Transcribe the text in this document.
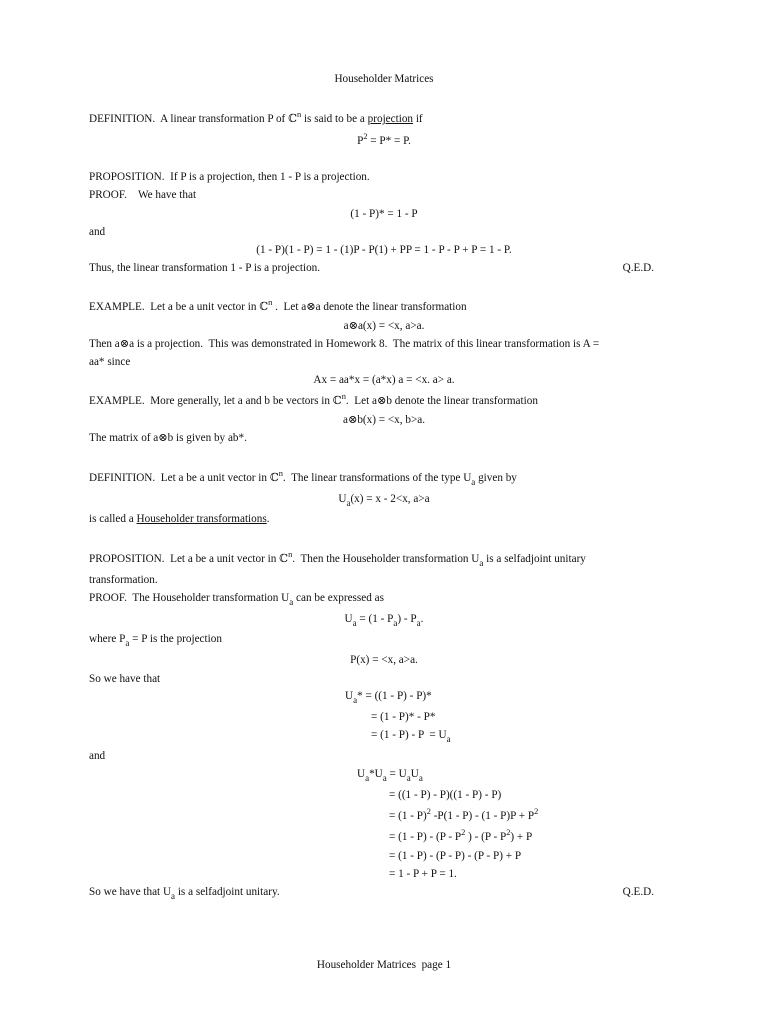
Householder Matrices
DEFINITION.  A linear transformation P of ℂ$^n$ is said to be a projection if
$P^2 = P* = P$.
PROPOSITION.  If P is a projection, then 1 - P is a projection.
PROOF.    We have that
(1 - P)* = 1 - P
and
(1 - P)(1 - P) = 1 - (1)P - P(1) + PP = 1 - P - P + P = 1 - P.
Thus, the linear transformation 1 - P is a projection.	Q.E.D.
EXAMPLE.  Let a be a unit vector in ℂ$^n$ .  Let a⊗a denote the linear transformation
a⊗a(x) = <x, a>a.
Then a⊗a is a projection.  This was demonstrated in Homework 8.  The matrix of this linear transformation is A =
aa* since
Ax = aa*x = (a*x) a = <x. a> a.
EXAMPLE.  More generally, let a and b be vectors in ℂ$^n$.  Let a⊗b denote the linear transformation
a⊗b(x) = <x, b>a.
The matrix of a⊗b is given by ab*.
DEFINITION.  Let a be a unit vector in ℂ$^n$.  The linear transformations of the type $U_a$ given by
$U_a(x) = x - 2<x$, a>a
is called a Householder transformations.
PROPOSITION.  Let a be a unit vector in ℂ$^n$.  Then the Householder transformation $U_a$ is a selfadjoint unitary
transformation.
PROOF.  The Householder transformation $U_a$ can be expressed as
$U_a = (1 - P_a) - P_a$.
where $P_a = P$ is the projection
P(x) = <x, a>a.
So we have that
$U_a* = ((1 - P) - P)*$
= (1 - P)* - P*
= $(1 - P) - P = U_a$
and
$U_a*U_a = U_aU_a$
= ((1 - P) - P)((1 - P) - P)
= (1 - P)$^2$ $-P(1 - P) - (1 - P)P + P^2$
= $(1 - P) - (P - P^2$ ) - $(P - P^2) + P$
= (1 - P) - (P - P) - (P - P) + P
= 1 - P + P = 1.
So we have that $U_a$ is a selfadjoint unitary.	Q.E.D.
Householder Matrices  page 1
